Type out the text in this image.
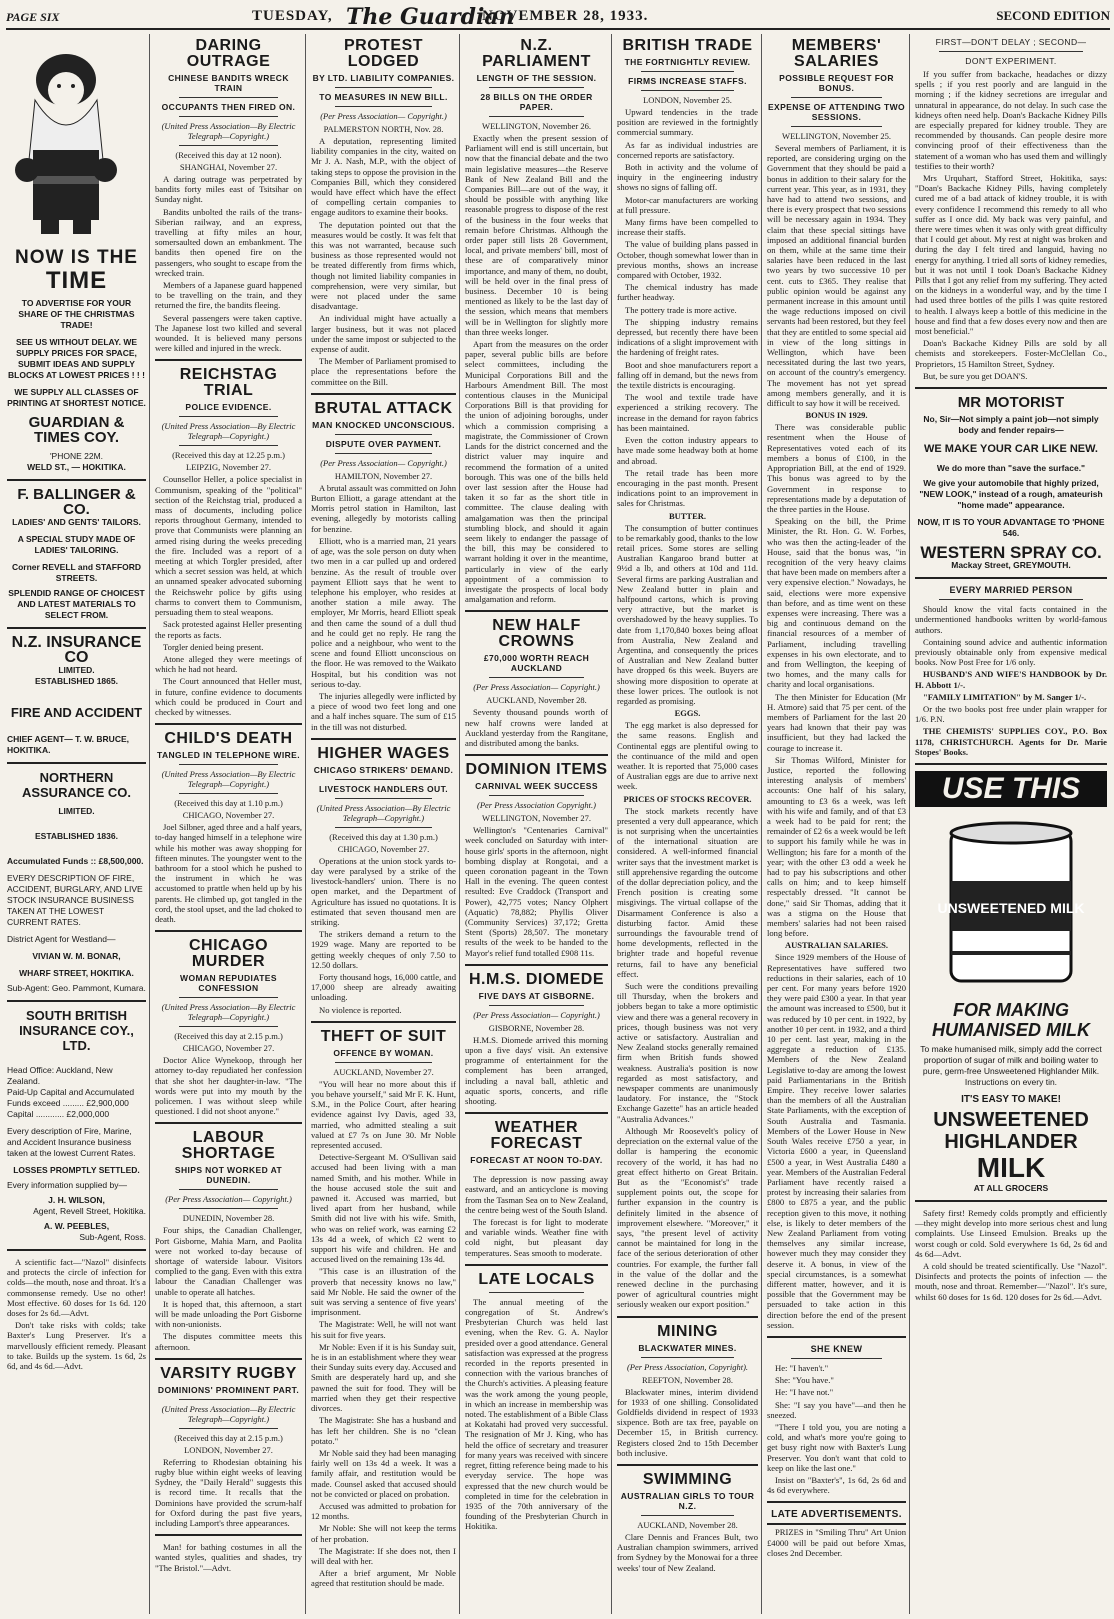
PAGE SIX	TUESDAY, The Guardian
NOVEMBER 28, 1933.	SECOND EDITION
NOW IS THE
TIME
TO ADVERTISE FOR YOUR SHARE OF THE CHRISTMAS TRADE!
SEE US WITHOUT DELAY. WE SUPPLY PRICES FOR SPACE, SUBMIT IDEAS AND SUPPLY BLOCKS AT LOWEST PRICES ! ! !
WE SUPPLY ALL CLASSES OF PRINTING AT SHORTEST NOTICE.
GUARDIAN & TIMES COY.
'PHONE 22M.
WELD ST., — HOKITIKA.
F. BALLINGER & CO.
LADIES' AND GENTS' TAILORS.
A SPECIAL STUDY MADE OF LADIES' TAILORING.
Corner REVELL and STAFFORD STREETS.
SPLENDID RANGE OF CHOICEST AND LATEST MATERIALS TO SELECT FROM.
N.Z. INSURANCE CO
LIMITED.
ESTABLISHED 1865.
FIRE AND ACCIDENT
CHIEF AGENT— T. W. BRUCE, HOKITIKA.
NORTHERN ASSURANCE CO.
LIMITED.
ESTABLISHED 1836.
Accumulated Funds :: £8,500,000.
EVERY DESCRIPTION OF FIRE, ACCIDENT, BURGLARY, AND LIVE STOCK INSURANCE BUSINESS TAKEN AT THE LOWEST CURRENT RATES.
District Agent for Westland—
VIVIAN W. M. BONAR,
WHARF STREET, HOKITIKA.
Sub-Agent: Geo. Pammont, Kumara.
SOUTH BRITISH INSURANCE COY., LTD.
Head Office: Auckland, New Zealand.
Paid-Up Capital and Accumulated Funds exceed ......... £2,900,000
Capital ............ £2,000,000
Every description of Fire, Marine, and Accident Insurance business taken at the lowest Current Rates.
LOSSES PROMPTLY SETTLED.
Every information supplied by—
J. H. WILSON,
Agent, Revell Street, Hokitika.
A. W. PEEBLES,
Sub-Agent, Ross.

A scientific fact—"Nazol" disinfects and protects the circle of infection for colds—the mouth, nose and throat. It's a commonsense remedy. Use no other! Most effective. 60 doses for 1s 6d. 120 doses for 2s 6d.—Advt.

Don't take risks with colds; take Baxter's Lung Preserver. It's a marvellously efficient remedy. Pleasant to take. Builds up the system. 1s 6d, 2s 6d, and 4s 6d.—Advt.

DARING OUTRAGE
CHINESE BANDITS WRECK TRAIN
OCCUPANTS THEN FIRED ON.
(United Press Association—By Electric Telegraph—Copyright.)
(Received this day at 12 noon).
SHANGHAI, November 27.

A daring outrage was perpetrated by bandits forty miles east of Tsitsihar on Sunday night.

Bandits unbolted the rails of the trans-Siberian railway, and an express, travelling at fifty miles an hour, somersaulted down an embankment. The bandits then opened fire on the passengers, who sought to escape from the wrecked train.

Members of a Japanese guard happened to be travelling on the train, and they returned the fire, the bandits fleeing.

Several passengers were taken captive. The Japanese lost two killed and several wounded. It is believed many persons were killed and injured in the wreck.

REICHSTAG TRIAL
POLICE EVIDENCE.
(United Press Association—By Electric Telegraph—Copyright.)
(Received this day at 12.25 p.m.)
LEIPZIG, November 27.

Counsellor Heller, a police specialist in Communism, speaking of the "political" section of the Reichstag trial, produced a mass of documents, including police reports throughout Germany, intended to prove that Communists were planning an armed rising during the weeks preceding the fire. Included was a report of a meeting at which Torgler presided, after which a secret session was held, at which an unnamed speaker advocated suborning the Reichswehr police by gifts using charms to convert them to Communism, persuading them to steal weapons.

Sack protested against Heller presenting the reports as facts.

Torgler denied being present.

Atone alleged they were meetings of which he had not heard.

The Court announced that Heller must, in future, confine evidence to documents which could be produced in Court and checked by witnesses.

CHILD'S DEATH
TANGLED IN TELEPHONE WIRE.
(United Press Association—By Electric Telegraph—Copyright.)
(Received this day at 1.10 p.m.)
CHICAGO, November 27.

Joel Silbner, aged three and a half years, to-day hanged himself in a telephone wire while his mother was away shopping for fifteen minutes. The youngster went to the bathroom for a stool which he pushed to the instrument in which he was accustomed to prattle when held up by his parents. He climbed up, got tangled in the cord, the stool upset, and the lad choked to death.

CHICAGO MURDER
WOMAN REPUDIATES CONFESSION
(United Press Association—By Electric Telegraph—Copyright.)
(Received this day at 2.15 p.m.)
CHICAGO, November 27.

Doctor Alice Wynekoop, through her attorney to-day repudiated her confession that she shot her daughter-in-law. "The words were put into my mouth by the policemen. I was without sleep while questioned. I did not shoot anyone."

LABOUR SHORTAGE
SHIPS NOT WORKED AT DUNEDIN.
(Per Press Association— Copyright.)
DUNEDIN, November 28.

Four ships, the Canadian Challenger, Port Gisborne, Mahia Marn, and Paolita were not worked to-day because of shortage of waterside labour. Visitors complied to the gang. Even with this extra labour the Canadian Challenger was unable to operate all hatches.

It is hoped that, this afternoon, a start will be made unloading the Port Gisborne with non-unionists.

The disputes committee meets this afternoon.

VARSITY RUGBY
DOMINIONS' PROMINENT PART.
(United Press Association—By Electric Telegraph—Copyright.)
(Received this day at 2.15 p.m.)
LONDON, November 27.

Referring to Rhodesian obtaining his rugby blue within eight weeks of leaving Sydney, the "Daily Herald" suggests this is record time. It recalls that the Dominions have provided the scrum-half for Oxford during the past five years, including Lamport's three appearances.

Man! for bathing costumes in all the wanted styles, qualities and shades, try "The Bristol."—Advt.

PROTEST LODGED
BY LTD. LIABILITY COMPANIES.
TO MEASURES IN NEW BILL.
(Per Press Association— Copyright.)
PALMERSTON NORTH, Nov. 28.

A deputation, representing limited liability companies in the city, waited on Mr J. A. Nash, M.P., with the object of taking steps to oppose the provision in the Companies Bill, which they considered would have effect which have the effect of compelling certain companies to engage auditors to examine their books.

The deputation pointed out that the measures would be costly. It was felt that this was not warranted, because such business as those represented would not be treated differently from firms which, though not limited liability companies in comprehension, were very similar, but were not placed under the same disadvantage.

An individual might have actually a larger business, but it was not placed under the same impost or subjected to the expense of audit.

The Member of Parliament promised to place the representations before the committee on the Bill.

BRUTAL ATTACK
MAN KNOCKED UNCONSCIOUS.
DISPUTE OVER PAYMENT.
(Per Press Association— Copyright.)
HAMILTON, November 27.

A brutal assault was committed on John Burton Elliott, a garage attendant at the Morris petrol station in Hamilton, last evening, allegedly by motorists calling for benzine.

Elliott, who is a married man, 21 years of age, was the sole person on duty when two men in a car pulled up and ordered benzine. As the result of trouble over payment Elliott says that he went to telephone his employer, who resides at another station a mile away. The employer, Mr Morris, heard Elliott speak and then came the sound of a dull thud and he could get no reply. He rang the police and a neighbour, who went to the scene and found Elliott unconscious on the floor. He was removed to the Waikato Hospital, but his condition was not serious to-day.

The injuries allegedly were inflicted by a piece of wood two feet long and one and a half inches square. The sum of £15 in the till was not disturbed.

HIGHER WAGES
CHICAGO STRIKERS' DEMAND.
LIVESTOCK HANDLERS OUT.
(United Press Association—By Electric Telegraph—Copyright.)
(Received this day at 1.30 p.m.)
CHICAGO, November 27.

Operations at the union stock yards to-day were paralysed by a strike of the livestock-handlers' union. There is no open market, and the Department of Agriculture has issued no quotations. It is estimated that seven thousand men are striking.

The strikers demand a return to the 1929 wage. Many are reported to be getting weekly cheques of only 7.50 to 12.50 dollars.

Forty thousand hogs, 16,000 cattle, and 17,000 sheep are already awaiting unloading.

No violence is reported.

THEFT OF SUIT
OFFENCE BY WOMAN.
AUCKLAND, November 27.

"You will hear no more about this if you behave yourself," said Mr F. K. Hunt, S.M., in the Police Court, after hearing evidence against Ivy Davis, aged 33, married, who admitted stealing a suit valued at £7 7s on June 30. Mr Noble represented accused.

Detective-Sergeant M. O'Sullivan said accused had been living with a man named Smith, and his mother. While in the house accused stole the suit and pawned it. Accused was married, but lived apart from her husband, while Smith did not live with his wife. Smith, who was on relief work, was earning £2 13s 4d a week, of which £2 went to support his wife and children. He and accused lived on the remaining 13s 4d.

"This case is an illustration of the proverb that necessity knows no law," said Mr Noble. He said the owner of the suit was serving a sentence of five years' imprisonment.

The Magistrate: Well, he will not want his suit for five years.

Mr Noble: Even if it is his Sunday suit, he is in an establishment where they wear their Sunday suits every day. Accused and Smith are desperately hard up, and she pawned the suit for food. They will be married when they get their respective divorces.

The Magistrate: She has a husband and has left her children. She is no "clean potato."

Mr Noble said they had been managing fairly well on 13s 4d a week. It was a family affair, and restitution would be made. Counsel asked that accused should not be convicted or placed on probation.

Accused was admitted to probation for 12 months.

Mr Noble: She will not keep the terms of her probation.

The Magistrate: If she does not, then I will deal with her.

After a brief argument, Mr Noble agreed that restitution should be made.

N.Z. PARLIAMENT
LENGTH OF THE SESSION.
28 BILLS ON THE ORDER PAPER.
WELLINGTON, November 26.

Exactly when the present session of Parliament will end is still uncertain, but now that the financial debate and the two main legislative measures—the Reserve Bank of New Zealand Bill and the Companies Bill—are out of the way, it should be possible with anything like reasonable progress to dispose of the rest of the business in the four weeks that remain before Christmas. Although the order paper still lists 28 Government, local, and private members' bill, most of these are of comparatively minor importance, and many of them, no doubt, will be held over in the final press of business. December 10 is being mentioned as likely to be the last day of the session, which means that members will be in Wellington for slightly more than three weeks longer.

Apart from the measures on the order paper, several public bills are before select committees, including the Municipal Corporations Bill and the Harbours Amendment Bill. The most contentious clauses in the Municipal Corporations Bill is that providing for the union of adjoining boroughs, under which a commission comprising a magistrate, the Commissioner of Crown Lands for the district concerned and the district valuer may inquire and recommend the formation of a united borough. This was one of the bills held over last session after the House had taken it so far as the short title in committee. The clause dealing with amalgamation was then the principal stumbling block, and should it again seem likely to endanger the passage of the bill, this may be considered to warrant holding it over in the meantime, particularly in view of the early appointment of a commission to investigate the prospects of local body amalgamation and reform.

NEW HALF CROWNS
£70,000 WORTH REACH AUCKLAND
(Per Press Association— Copyright.)
AUCKLAND, November 28.

Seventy thousand pounds worth of new half crowns were landed at Auckland yesterday from the Rangitane, and distributed among the banks.

DOMINION ITEMS
CARNIVAL WEEK SUCCESS
(Per Press Association Copyright.)
WELLINGTON, November 27.

Wellington's "Centenaries Carnival" week concluded on Saturday with inter-house girls' sports in the afternoon, night bombing display at Rongotai, and a queen coronation pageant in the Town Hall in the evening. The queen contest resulted: Eve Craddock (Transport and Power), 42,775 votes; Nancy Olphert (Aquatic) 78,882; Phyllis Oliver (Community Services) 37,172; Gretta Stent (Sports) 28,507. The monetary results of the week to be handed to the Mayor's relief fund totalled £908 11s.

H.M.S. DIOMEDE
FIVE DAYS AT GISBORNE.
(Per Press Association— Copyright.)
GISBORNE, November 28.

H.M.S. Diomede arrived this morning upon a five days' visit. An extensive programme of entertainment for the complement has been arranged, including a naval ball, athletic and aquatic sports, concerts, and rifle shooting.

WEATHER FORECAST
FORECAST AT NOON TO-DAY.

The depression is now passing away eastward, and an anticyclone is moving from the Tasman Sea on to New Zealand, the centre being west of the South Island.

The forecast is for light to moderate and variable winds. Weather fine with cold night, but pleasant day temperatures. Seas smooth to moderate.

LATE LOCALS

The annual meeting of the congregation of St. Andrew's Presbyterian Church was held last evening, when the Rev. G. A. Naylor presided over a good attendance. General satisfaction was expressed at the progress recorded in the reports presented in connection with the various branches of the Church's activities. A pleasing feature was the work among the young people, in which an increase in membership was noted. The establishment of a Bible Class at Kokatahi had proved very successful. The resignation of Mr J. King, who has held the office of secretary and treasurer for many years was received with sincere regret, fitting reference being made to his everyday service. The hope was expressed that the new church would be completed in time for the celebration in 1935 of the 70th anniversary of the founding of the Presbyterian Church in Hokitika.

BRITISH TRADE
THE FORTNIGHTLY REVIEW.
FIRMS INCREASE STAFFS.
LONDON, November 25.

Upward tendencies in the trade position are reviewed in the fortnightly commercial summary.

As far as individual industries are concerned reports are satisfactory.

Both in activity and the volume of inquiry in the engineering industry shows no signs of falling off.

Motor-car manufacturers are working at full pressure.

Many firms have been compelled to increase their staffs.

The value of building plans passed in October, though somewhat lower than in previous months, shows an increase compared with October, 1932.

The chemical industry has made further headway.

The pottery trade is more active.

The shipping industry remains depressed, but recently there have been indications of a slight improvement with the hardening of freight rates.

Boot and shoe manufacturers report a falling off in demand, but the news from the textile districts is encouraging.

The wool and textile trade have experienced a striking recovery. The increase in the demand for rayon fabrics has been maintained.

Even the cotton industry appears to have made some headway both at home and abroad.

The retail trade has been more encouraging in the past month. Present indications point to an improvement in sales for Christmas.

BUTTER.

The consumption of butter continues to be remarkably good, thanks to the low retail prices. Some stores are selling Australian Kangaroo brand butter at 9½d a lb, and others at 10d and 11d. Several firms are parking Australian and New Zealand butter in plain and halfpound cartons, which is proving very attractive, but the market is overshadowed by the heavy supplies. To date from 1,170,840 boxes being afloat from Australia, New Zealand and Argentina, and consequently the prices of Australian and New Zealand butter have dropped 6s this week. Buyers are showing more disposition to operate at these lower prices. The outlook is not regarded as promising.

EGGS.

The egg market is also depressed for the same reasons. English and Continental eggs are plentiful owing to the continuance of the mild and open weather. It is reported that 75,000 cases of Australian eggs are due to arrive next week.

PRICES OF STOCKS RECOVER.

The stock markets recently have presented a very dull appearance, which is not surprising when the uncertainties of the international situation are considered. A well-informed financial writer says that the investment market is still apprehensive regarding the outcome of the dollar depreciation policy, and the French position is creating some misgivings. The virtual collapse of the Disarmament Conference is also a disturbing factor. Amid these surroundings the favourable trend of home developments, reflected in the brighter trade and hopeful revenue returns, fail to have any beneficial effect.

Such were the conditions prevailing till Thursday, when the brokers and jobbers began to take a more optimistic view and there was a general recovery in prices, though business was not very active or satisfactory. Australian and New Zealand stocks generally remained firm when British funds showed weakness. Australia's position is now regarded as most satisfactory, and newspaper comments are unanimously laudatory. For instance, the "Stock Exchange Gazette" has an article headed "Australia Advances."

Although Mr Roosevelt's policy of depreciation on the external value of the dollar is hampering the economic recovery of the world, it has had no great effect hitherto on Great Britain. But as the "Economist's" trade supplement points out, the scope for further expansion in the country is definitely limited in the absence of improvement elsewhere. "Moreover," it says, "the present level of activity cannot be maintained for long in the face of the serious deterioration of other countries. For example, the further fall in the value of the dollar and the renewed decline in the purchasing power of agricultural countries might seriously weaken our export position."

MINING
BLACKWATER MINES.
(Per Press Association, Copyright).
REEFTON, November 28.

Blackwater mines, interim dividend for 1933 of one shilling. Consolidated Goldfields dividend in respect of 1933 sixpence. Both are tax free, payable on December 15, in British currency. Registers closed 2nd to 15th December both inclusive.

SWIMMING
AUSTRALIAN GIRLS TO TOUR N.Z.
AUCKLAND, November 28.

Clare Dennis and Frances Bult, two Australian champion swimmers, arrived from Sydney by the Monowai for a three weeks' tour of New Zealand.

MEMBERS' SALARIES
POSSIBLE REQUEST FOR BONUS.
EXPENSE OF ATTENDING TWO SESSIONS.
WELLINGTON, November 25.

Several members of Parliament, it is reported, are considering urging on the Government that they should be paid a bonus in addition to their salary for the current year. This year, as in 1931, they have had to attend two sessions, and there is every prospect that two sessions will be necessary again in 1934. They claim that these special sittings have imposed an additional financial burden on them, while at the same time their salaries have been reduced in the last two years by two successive 10 per cent. cuts to £365. They realise that public opinion would be against any permanent increase in this amount until the wage reductions imposed on civil servants had been restored, but they feel that they are entitled to some special aid in view of the long sittings in Wellington, which have been necessitated during the last two years, on account of the country's emergency. The movement has not yet spread among members generally, and it is difficult to say how it will be received.

BONUS IN 1929.

There was considerable public resentment when the House of Representatives voted each of its members a bonus of £100, in the Appropriation Bill, at the end of 1929. This bonus was agreed to by the Government in response to representations made by a deputation of the three parties in the House.

Speaking on the bill, the Prime Minister, the Rt. Hon. G. W. Forbes, who was then the acting-leader of the House, said that the bonus was, "in recognition of the very heavy claims that have been made on members after a very expensive election." Nowadays, he said, elections were more expensive than before, and as time went on these expenses were increasing. There was a big and continuous demand on the financial resources of a member of Parliament, including travelling expenses in his own electorate, and to and from Wellington, the keeping of two homes, and the many calls for charity and local organisations.

The then Minister for Education (Mr H. Atmore) said that 75 per cent. of the members of Parliament for the last 20 years had known that their pay was insufficient, but they had lacked the courage to increase it.

Sir Thomas Wilford, Minister for Justice, reported the following interesting analysis of members' accounts: One half of his salary, amounting to £3 6s a week, was left with his wife and family, and of that £3 a week had to be paid for rent; the remainder of £2 6s a week would be left to support his family while he was in Wellington; his fare for a month of the year; with the other £3 odd a week he had to pay his subscriptions and other calls on him; and to keep himself respectably dressed. "It cannot be done," said Sir Thomas, adding that it was a stigma on the House that members' salaries had not been raised long before.

AUSTRALIAN SALARIES.

Since 1929 members of the House of Representatives have suffered two reductions in their salaries, each of 10 per cent. For many years before 1920 they were paid £300 a year. In that year the amount was increased to £500, but it was reduced by 10 per cent. in 1922, by another 10 per cent. in 1932, and a third 10 per cent. last year, making in the aggregate a reduction of £135. Members of the New Zealand Legislative to-day are among the lowest paid Parliamentarians in the British Empire. They receive lower salaries than the members of all the Australian State Parliaments, with the exception of South Australia and Tasmania. Members of the Lower House in New South Wales receive £750 a year, in Victoria £600 a year, in Queensland £500 a year, in West Australia £480 a year. Members of the Australian Federal Parliament have recently raised a protest by increasing their salaries from £800 to £875 a year, and the public reception given to this move, it nothing else, is likely to deter members of the New Zealand Parliament from voting themselves any similar increase, however much they may consider they deserve it. A bonus, in view of the special circumstances, is a somewhat different matter, however, and it is possible that the Government may be persuaded to take action in this direction before the end of the present session.

SHE KNEW

He: "I haven't."

She: "You have."

He: "I have not."

She: "I say you have"—and then he sneezed.

"There I told you, you are noting a cold, and what's more you're going to get busy right now with Baxter's Lung Preserver. You don't want that cold to keep on like the last one."

Insist on "Baxter's", 1s 6d, 2s 6d and 4s 6d everywhere.

LATE ADVERTISEMENTS.

PRIZES in "Smiling Thru" Art Union £4000 will be paid out before Xmas, closes 2nd December.

FIRST—DON'T DELAY ; SECOND—
DON'T EXPERIMENT.

If you suffer from backache, headaches or dizzy spells ; if you rest poorly and are languid in the morning ; if the kidney secretions are irregular and unnatural in appearance, do not delay. In such case the kidneys often need help. Doan's Backache Kidney Pills are especially prepared for kidney trouble. They are recommended by thousands. Can people desire more convincing proof of their effectiveness than the statement of a woman who has used them and willingly testifies to their worth?

Mrs Urquhart, Stafford Street, Hokitika, says: "Doan's Backache Kidney Pills, having completely cured me of a bad attack of kidney trouble, it is with every confidence I recommend this remedy to all who suffer as I once did. My back was very painful, and there were times when it was only with great difficulty that I could get about. My rest at night was broken and during the day I felt tired and languid, having no energy for anything. I tried all sorts of kidney remedies, but it was not until I took Doan's Backache Kidney Pills that I got any relief from my suffering. They acted on the kidneys in a wonderful way, and by the time I had used three bottles of the pills I was quite restored to health. I always keep a bottle of this medicine in the house and find that a few doses every now and then are most beneficial."

Doan's Backache Kidney Pills are sold by all chemists and storekeepers. Foster-McClellan Co., Proprietors, 15 Hamilton Street, Sydney.

But, be sure you get DOAN'S.

MR MOTORIST
No, Sir—Not simply a paint job—not simply body and fender repairs—
WE MAKE YOUR CAR LIKE NEW.
We do more than "save the surface."
We give your automobile that highly prized, "NEW LOOK," instead of a rough, amateurish "home made" appearance.
NOW, IT IS TO YOUR ADVANTAGE TO 'PHONE 546.
WESTERN SPRAY CO.
Mackay Street, GREYMOUTH.
EVERY MARRIED PERSON

Should know the vital facts contained in the undermentioned handbooks written by world-famous authors.

Containing sound advice and authentic information previously obtainable only from expensive medical books. Now Post Free for 1/6 only.

HUSBAND'S AND WIFE'S HANDBOOK by Dr. H. Abbott 1/-.

"FAMILY LIMITATION" by M. Sanger 1/-.

Or the two books post free under plain wrapper for 1/6. P.N.

THE CHEMISTS' SUPPLIES COY., P.O. Box 1178, CHRISTCHURCH. Agents for Dr. Marie Stopes' Books.

USE THIS
UNSWEETENED MILK
FOR MAKING HUMANISED MILK
To make humanised milk, simply add the correct proportion of sugar of milk and boiling water to pure, germ-free Unsweetened Highlander Milk. Instructions on every tin.
IT'S EASY TO MAKE!
UNSWEETENED
HIGHLANDER
MILK
AT ALL GROCERS

Safety first! Remedy colds promptly and efficiently—they might develop into more serious chest and lung complaints. Use Linseed Emulsion. Breaks up the worst cough or cold. Sold everywhere 1s 6d, 2s 6d and 4s 6d—Advt.

A cold should be treated scientifically. Use "Nazol". Disinfects and protects the points of infection — the mouth, nose and throat. Remember—"Nazol". It's sure, whilst 60 doses for 1s 6d. 120 doses for 2s 6d.—Advt.
